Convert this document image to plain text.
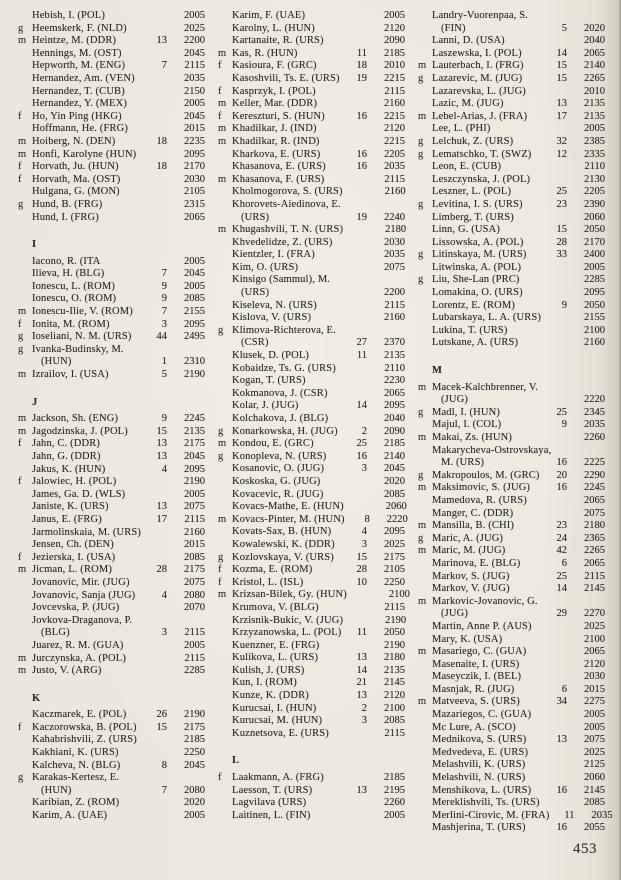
Hebish, I. (POL)	2005
g Heemskerk, F. (NLD)	2025
m Heintze, M. (DDR)	13	2200
Hennings, M. (OST)	2045
Hepworth, M. (ENG)	7	2115
Hernandez, Am. (VEN)	2035
Hernandez, T. (CUB)	2150
Hernandez, Y. (MEX)	2005
f	Ho, Yin Ping (HKG)	2045
Hoffmann, He. (FRG)	2015
m Hoiberg, N. (DEN)	18	2235
m Honfi, Karolyne (HUN)	2095
f	Horvath, Ju. (HUN)	18	2170
f	Horvath, Ma. (OST)	2030
Hulgana, G. (MON)	2105
g Hund, B. (FRG)	2315
Hund, I. (FRG)	2065
I
Iacono, R. (ITA	2005
Ilieva, H. (BLG)	7	2045
Ionescu, L. (ROM)	9	2005
Ionescu, O. (ROM)	9	2085
m Ionescu-Ilie, V. (ROM)	7	2155
f	Ionita, M. (ROM)	3	2095
g Ioseliani, N. M. (URS)	44	2495
g Ivanka-Budinsky, M.
(HUN)	1	2310
m Izrailov, I. (USA)	5	2190
J
m Jackson, Sh. (ENG)	9	2245
m Jagodzinska, J. (POL)	15	2135
f	Jahn, C. (DDR)	13	2175
Jahn, G. (DDR)	13	2045
Jakus, K. (HUN)	4	2095
f	Jalowiec, H. (POL)	2190
James, Ga. D. (WLS)	2005
Janiste, K. (URS)	13	2075
Janus, E. (FRG)	17	2115
Jarmolinskaia, M. (URS)	2160
Jensen, Ch. (DEN)	2015
f	Jezierska, I. (USA)	2085
m Jicman, L. (ROM)	28	2175
Jovanovic, Mir. (JUG)	2075
Jovanovic, Sanja (JUG)	4	2080
Jovcevska, P. (JUG)	2070
Jovkova-Draganova, P.
(BLG)	3	2115
Juarez, R. M. (GUA)	2005
m Jurczynska, A. (POL)	2115
m Justo, V. (ARG)	2285
K
Kaczmarek, E. (POL)	26	2190
f	Kaczorowska, B. (POL)	15	2175
Kahabrishvili, Z. (URS)	2185
Kakhiani, K. (URS)	2250
Kalcheva, N. (BLG)	8	2045
g Karakas-Kertesz, E.
(HUN)	7	2080
Karibian, Z. (ROM)	2020
Karim, A. (UAE)	2005
Karim, F. (UAE)	2005
Karolny, L. (HUN)	2120
Kartanaite, R. (URS)	2090
m Kas, R. (HUN)	11	2185
f	Kasioura, F. (GRC)	18	2010
Kasoshvili, Ts. E. (URS)	19	2215
f	Kasprzyk, I. (POL)	2115
m Keller, Mar. (DDR)	2160
f	Kereszturi, S. (HUN)	16	2215
m Khadilkar, J. (IND)	2120
m Khadilkar, R. (IND)	2215
Kharkova, E. (URS)	16	2205
Khasanova, E. (URS)	16	2035
m Khasanova, F. (URS)	2115
Kholmogorova, S. (URS)	2160
Khorovets-Aiedinova, E.
(URS)	19	2240
m Khugashvili, T. N. (URS)	2180
Khvedelidze, Z. (URS)	2030
Kientzler, I. (FRA)	2035
Kim, O. (URS)	2075
Kinsigo (Sammul), M.
(URS)	2200
Kiseleva, N. (URS)	2115
Kislova, V. (URS)	2160
g Klimova-Richterova, E.
(CSR)	27	2370
Klusek, D. (POL)	11	2135
Kobaidze, Ts. G. (URS)	2110
Kogan, T. (URS)	2230
Kokmanova, J. (CSR)	2065
Kolar, J. (JUG)	14	2095
Kolchakova, J. (BLG)	2040
g Konarkowska, H. (JUG)	2	2090
m Kondou, E. (GRC)	25	2185
g Konopleva, N. (URS)	16	2140
Kosanovic, O. (JUG)	3	2045
Koskoska, G. (JUG)	2020
Kovacevic, R. (JUG)	2085
Kovacs-Mathe, E. (HUN)	2060
m Kovacs-Pinter, M. (HUN)	8	2220
Kovats-Sax, B. (HUN)	4	2095
Kowalewski, K. (DDR)	3	2025
g Kozlovskaya, V. (URS)	15	2175
f	Kozma, E. (ROM)	28	2105
f	Kristol, L. (ISL)	10	2250
m Krizsan-Bilek, Gy. (HUN)	2100
Krumova, V. (BLG)	2115
Krzisnik-Bukic, V. (JUG)	2190
Krzyzanowska, L. (POL)	11	2050
Kuenzner, E. (FRG)	2190
Kulikova, L. (URS)	13	2180
Kulish, J. (URS)	14	2135
Kun, I. (ROM)	21	2145
Kunze, K. (DDR)	13	2120
Kurucsai, I. (HUN)	2	2100
Kurucsai, M. (HUN)	3	2085
Kuznetsova, E. (URS)	2115
L
f	Laakmann, A. (FRG)	2185
Laesson, T. (URS)	13	2195
Lagvilava (URS)	2260
Laitinen, L. (FIN)	2005
Landry-Vuorenpaa, S.
(FIN)	5	2020
Lanni, D. (USA)	2040
Laszewska, I. (POL)	14	2065
m Lauterbach, I. (FRG)	15	2140
g Lazarevic, M. (JUG)	15	2265
Lazarevska, L. (JUG)	2010
Lazic, M. (JUG)	13	2135
m Lebel-Arias, J. (FRA)	17	2135
Lee, L. (PHI)	2005
g Lelchuk, Z. (URS)	32	2385
g Lematschko, T. (SWZ)	12	2335
Leon, E. (CUB)	2110
Leszczynska, J. (POL)	2130
Leszner, L. (POL)	25	2205
g Levitina, I. S. (URS)	23	2390
Limberg, T. (URS)	2060
Linn, G. (USA)	15	2050
Lissowska, A. (POL)	28	2170
g Litinskaya, M. (URS)	33	2400
Litwinska, A. (POL)	2005
g Liu, She-Lan (PRC)	2285
Lomakina, O. (URS)	2095
Lorentz, E. (ROM)	9	2050
Lubarskaya, L. A. (URS)	2155
Lukina, T. (URS)	2100
Lutskane, A. (URS)	2160
M
m Macek-Kalchbrenner, V.
(JUG)	2220
g Madl, I. (HUN)	25	2345
Majul, I. (COL)	9	2035
m Makai, Zs. (HUN)	2260
Makarycheva-Ostrovskaya,
M. (URS)	16	2225
g Makropoulos, M. (GRC)	20	2290
m Maksimovic, S. (JUG)	16	2245
Mamedova, R. (URS)	2065
Manger, C. (DDR)	2075
m Mansilla, B. (CHI)	23	2180
g Maric, A. (JUG)	24	2365
m Maric, M. (JUG)	42	2265
Marinova, E. (BLG)	6	2065
Markov, S. (JUG)	25	2115
Markov, V. (JUG)	14	2145
m Markovic-Jovanovic, G.
(JUG)	29	2270
Martin, Anne P. (AUS)	2025
Mary, K. (USA)	2100
m Masariego, C. (GUA)	2065
Masenaite, I. (URS)	2120
Maseyczik, I. (BEL)	2030
Masnjak, R. (JUG)	6	2015
m Matveeva, S. (URS)	34	2275
Mazariegos, C. (GUA)	2005
Mc Lure, A. (SCO)	2005
Mednikova, S. (URS)	13	2075
Medvedeva, E. (URS)	2025
Melashvili, K. (URS)	2125
Melashvili, N. (URS)	2060
Menshikova, L. (URS)	16	2145
Mereklishvili, Ts. (URS)	2085
Merlini-Cirovic, M. (FRA)	11	2035
Mashjerina, T. (URS)	16	2055
453
